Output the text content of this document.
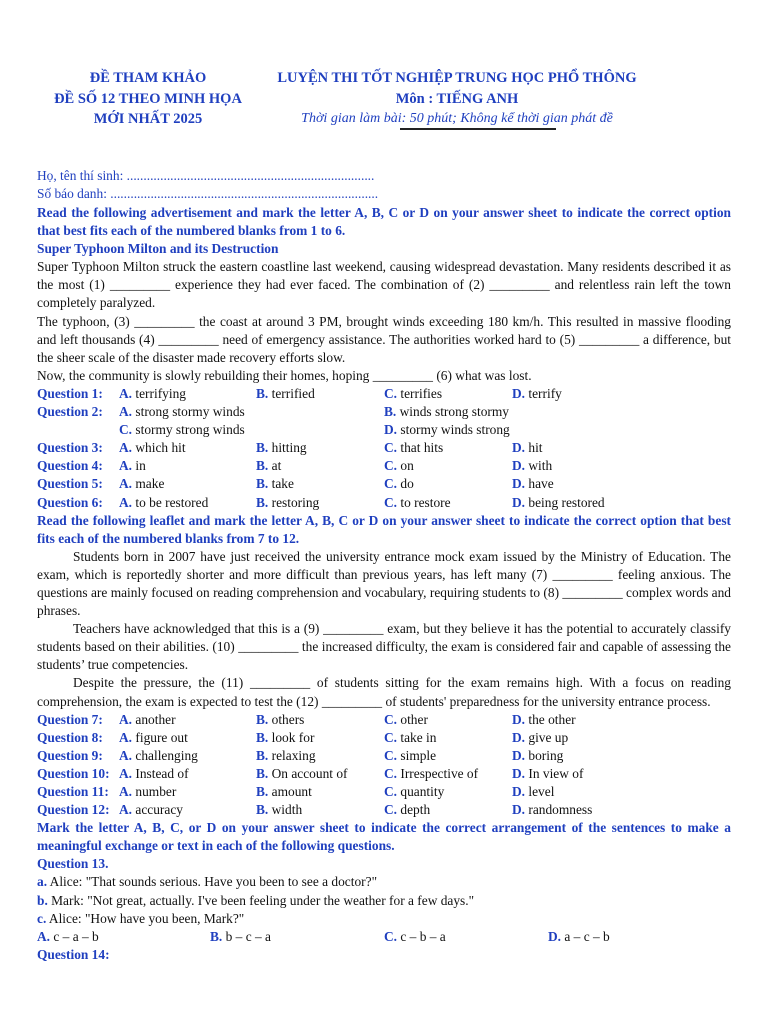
ĐỀ THAM KHẢO
ĐỀ SỐ 12 THEO MINH HỌA
MỚI NHẤT 2025
LUYỆN THI TỐT NGHIỆP TRUNG HỌC PHỔ THÔNG
Môn : TIẾNG ANH
Thời gian làm bài: 50 phút; Không kể thời gian phát đề
Họ, tên thí sinh: ..........................................................................
Số báo danh: ................................................................................

Read the following advertisement and mark the letter A, B, C or D on your answer sheet to indicate the correct option that best fits each of the numbered blanks from 1 to 6.

Super Typhoon Milton and its Destruction

Super Typhoon Milton struck the eastern coastline last weekend, causing widespread devastation. Many residents described it as the most (1) _________ experience they had ever faced. The combination of (2) _________ and relentless rain left the town completely paralyzed.

The typhoon, (3) _________ the coast at around 3 PM, brought winds exceeding 180 km/h. This resulted in massive flooding and left thousands (4) _________ need of emergency assistance. The authorities worked hard to (5) _________ a difference, but the sheer scale of the disaster made recovery efforts slow.

Now, the community is slowly rebuilding their homes, hoping _________ (6) what was lost.

Question 1: A. terrifying	B. terrified	C. terrifies	D. terrify
Question 2: A. strong stormy winds	B. winds strong stormy
C. stormy strong winds	D. stormy winds strong
Question 3: A. which hit	B. hitting	C. that hits	D. hit
Question 4: A. in	B. at	C. on	D. with
Question 5: A. make	B. take	C. do	D. have
Question 6: A. to be restored	B. restoring	C. to restore	D. being restored

Read the following leaflet and mark the letter A, B, C or D on your answer sheet to indicate the correct option that best fits each of the numbered blanks from 7 to 12.

Students born in 2007 have just received the university entrance mock exam issued by the Ministry of Education. The exam, which is reportedly shorter and more difficult than previous years, has left many (7) _________ feeling anxious. The questions are mainly focused on reading comprehension and vocabulary, requiring students to (8) _________ complex words and phrases.

Teachers have acknowledged that this is a (9) _________ exam, but they believe it has the potential to accurately classify students based on their abilities. (10) _________ the increased difficulty, the exam is considered fair and capable of assessing the students’ true competencies.

Despite the pressure, the (11) _________ of students sitting for the exam remains high. With a focus on reading comprehension, the exam is expected to test the (12) _________ of students' preparedness for the university entrance process.

Question 7: A. another	B. others	C. other	D. the other
Question 8: A. figure out	B. look for	C. take in	D. give up
Question 9: A. challenging	B. relaxing	C. simple	D. boring
Question 10: A. Instead of	B. On account of	C. Irrespective of	D. In view of
Question 11: A. number	B. amount	C. quantity	D. level
Question 12: A. accuracy	B. width	C. depth	D. randomness

Mark the letter A, B, C, or D on your answer sheet to indicate the correct arrangement of the sentences to make a meaningful exchange or text in each of the following questions.

Question 13.

a. Alice: "That sounds serious. Have you been to see a doctor?"

b. Mark: "Not great, actually. I've been feeling under the weather for a few days."

c. Alice: "How have you been, Mark?"

A. c – a – b	B. b – c – a	C. c – b – a	D. a – c – b

Question 14:
